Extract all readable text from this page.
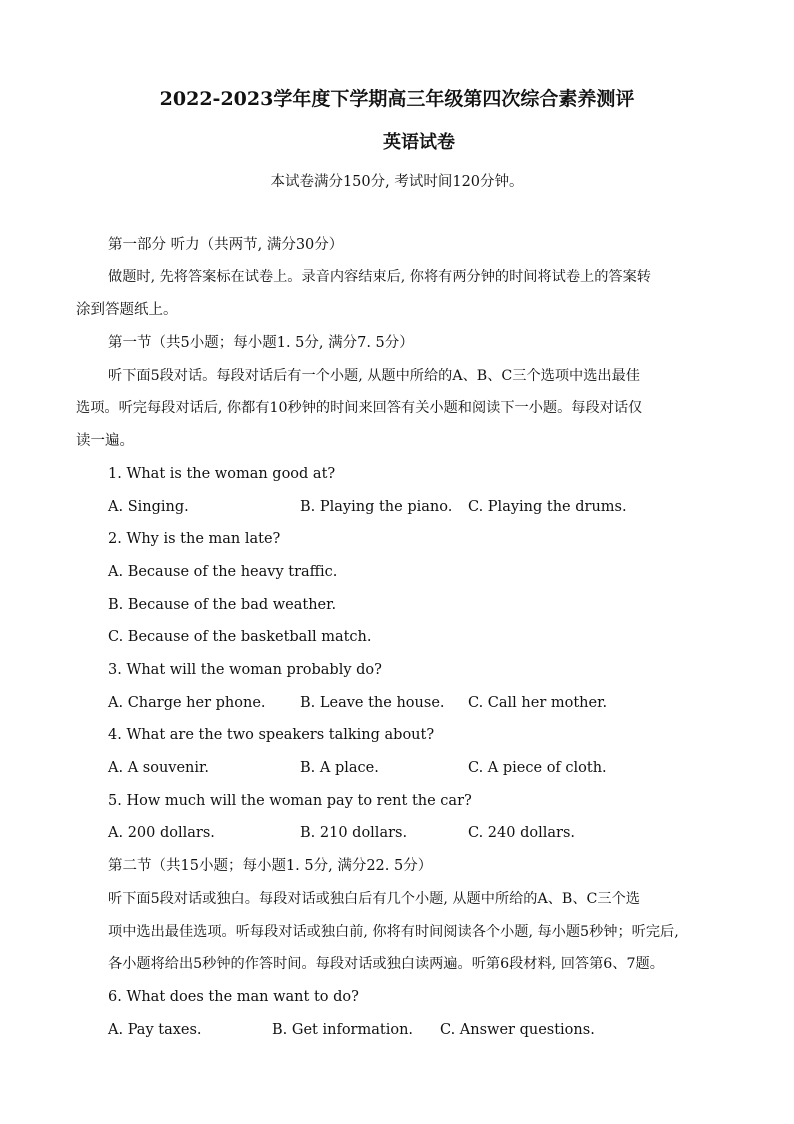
2022-2023学年度下学期高三年级第四次综合素养测评
英语试卷
本试卷满分150分, 考试时间120分钟。
第一部分 听力（共两节, 满分30分）
做题时, 先将答案标在试卷上。录音内容结束后, 你将有两分钟的时间将试卷上的答案转
涂到答题纸上。
第一节（共5小题；每小题1. 5分, 满分7. 5分）
听下面5段对话。每段对话后有一个小题, 从题中所给的A、B、C三个选项中选出最佳
选项。听完每段对话后, 你都有10秒钟的时间来回答有关小题和阅读下一小题。每段对话仅
读一遍。
1. What is the woman good at?
A. Singing.	B. Playing the piano. C. Playing the drums.
2. Why is the man late?
A. Because of the heavy traffic.
B. Because of the bad weather.
C. Because of the basketball match.
3. What will the woman probably do?
A. Charge her phone. B. Leave the house. C. Call her mother.
4. What are the two speakers talking about?
A. A souvenir.	B. A place.	C. A piece of cloth.
5. How much will the woman pay to rent the car?
A. 200 dollars.	B. 210 dollars.	C. 240 dollars.
第二节（共15小题；每小题1. 5分, 满分22. 5分）
听下面5段对话或独白。每段对话或独白后有几个小题, 从题中所给的A、B、C三个选
项中选出最佳选项。听每段对话或独白前, 你将有时间阅读各个小题, 每小题5秒钟；听完后,
各小题将给出5秒钟的作答时间。每段对话或独白读两遍。听第6段材料, 回答第6、7题。
6. What does the man want to do?
A. Pay taxes.	B. Get information. C. Answer questions.
